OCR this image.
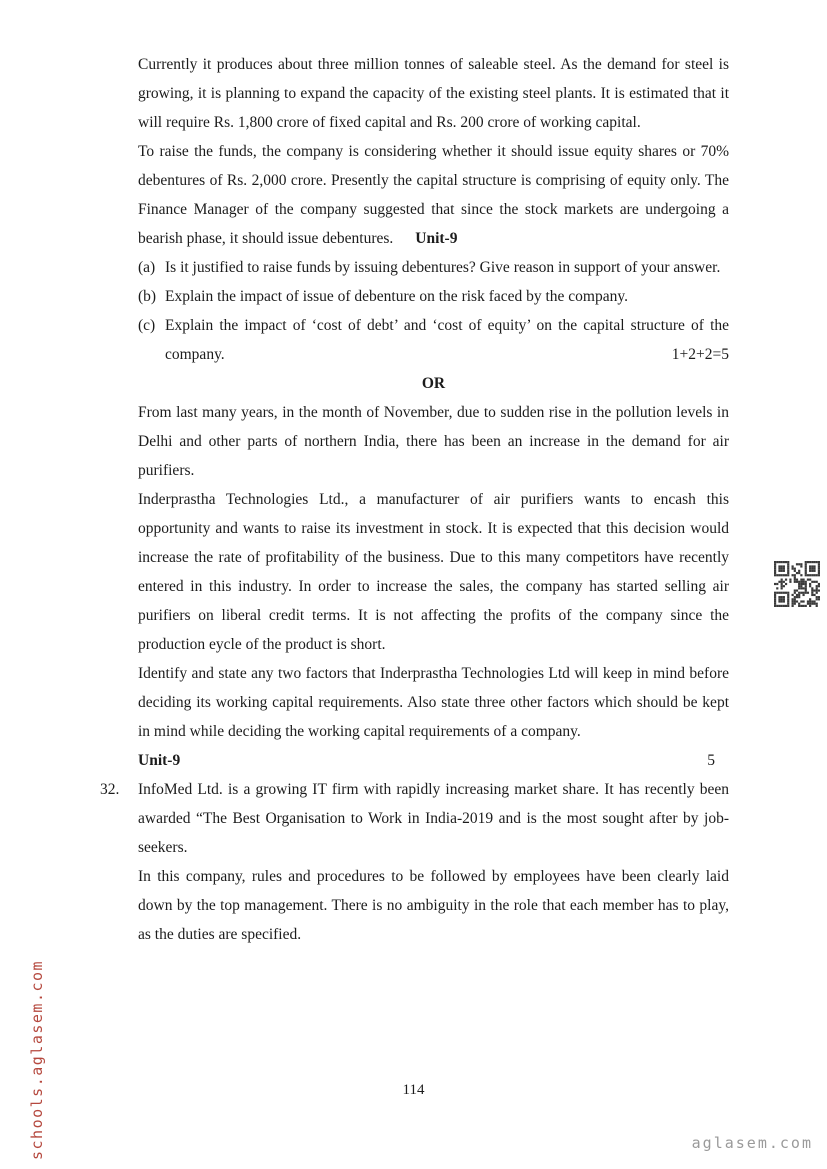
Currently it produces about three million tonnes of saleable steel. As the demand for steel is growing, it is planning to expand the capacity of the existing steel plants. It is estimated that it will require Rs. 1,800 crore of fixed capital and Rs. 200 crore of working capital.

To raise the funds, the company is considering whether it should issue equity shares or 70% debentures of Rs. 2,000 crore. Presently the capital structure is comprising of equity only. The Finance Manager of the company suggested that since the stock markets are undergoing a bearish phase, it should issue debentures. Unit-9

(a) Is it justified to raise funds by issuing debentures? Give reason in support of your answer.
(b) Explain the impact of issue of debenture on the risk faced by the company.
(c) Explain the impact of ‘cost of debt’ and ‘cost of equity’ on the capital structure of the company.	1+2+2=5
OR

From last many years, in the month of November, due to sudden rise in the pollution levels in Delhi and other parts of northern India, there has been an increase in the demand for air purifiers.

Inderprastha Technologies Ltd., a manufacturer of air purifiers wants to encash this opportunity and wants to raise its investment in stock. It is expected that this decision would increase the rate of profitability of the business. Due to this many competitors have recently entered in this industry. In order to increase the sales, the company has started selling air purifiers on liberal credit terms. It is not affecting the profits of the company since the production eycle of the product is short.

Identify and state any two factors that Inderprastha Technologies Ltd will keep in mind before deciding its working capital requirements. Also state three other factors which should be kept in mind while deciding the working capital requirements of a company.

Unit-9	5
32. InfoMed Ltd. is a growing IT firm with rapidly increasing market share. It has recently been awarded “The Best Organisation to Work in India-2019 and is the most sought after by job-seekers.

In this company, rules and procedures to be followed by employees have been clearly laid down by the top management. There is no ambiguity in the role that each member has to play, as the duties are specified.

schools.aglasem.com	114
aglasem.com
